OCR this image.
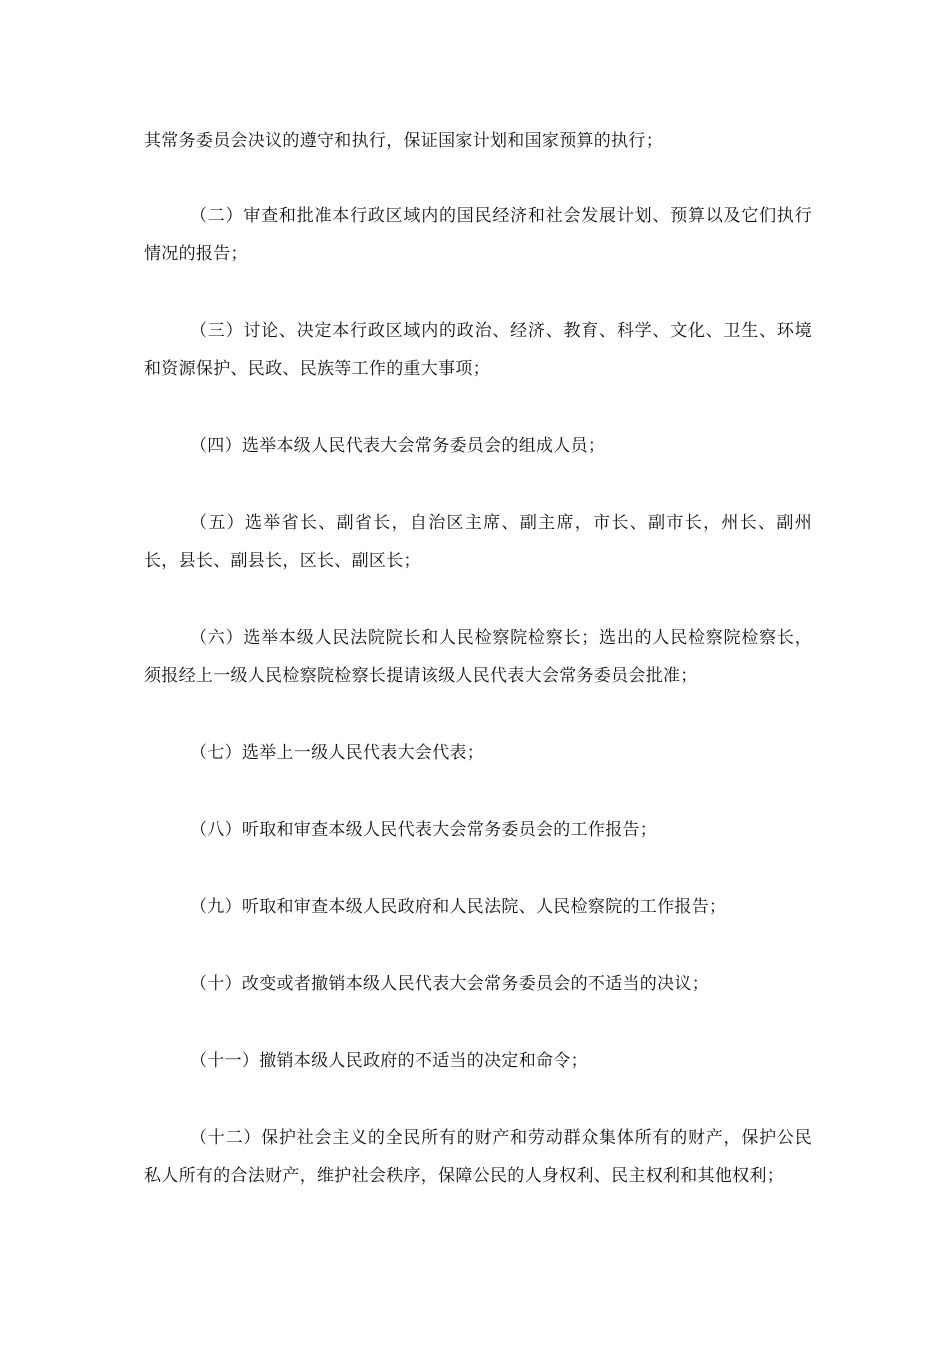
其常务委员会决议的遵守和执行，保证国家计划和国家预算的执行；

（二）审查和批准本行政区域内的国民经济和社会发展计划、预算以及它们执行情况的报告；

（三）讨论、决定本行政区域内的政治、经济、教育、科学、文化、卫生、环境和资源保护、民政、民族等工作的重大事项；

（四）选举本级人民代表大会常务委员会的组成人员；

（五）选举省长、副省长，自治区主席、副主席，市长、副市长，州长、副州长，县长、副县长，区长、副区长；

（六）选举本级人民法院院长和人民检察院检察长；选出的人民检察院检察长，须报经上一级人民检察院检察长提请该级人民代表大会常务委员会批准；

（七）选举上一级人民代表大会代表；

（八）听取和审查本级人民代表大会常务委员会的工作报告；

（九）听取和审查本级人民政府和人民法院、人民检察院的工作报告；

（十）改变或者撤销本级人民代表大会常务委员会的不适当的决议；

（十一）撤销本级人民政府的不适当的决定和命令；

（十二）保护社会主义的全民所有的财产和劳动群众集体所有的财产，保护公民私人所有的合法财产，维护社会秩序，保障公民的人身权利、民主权利和其他权利；
